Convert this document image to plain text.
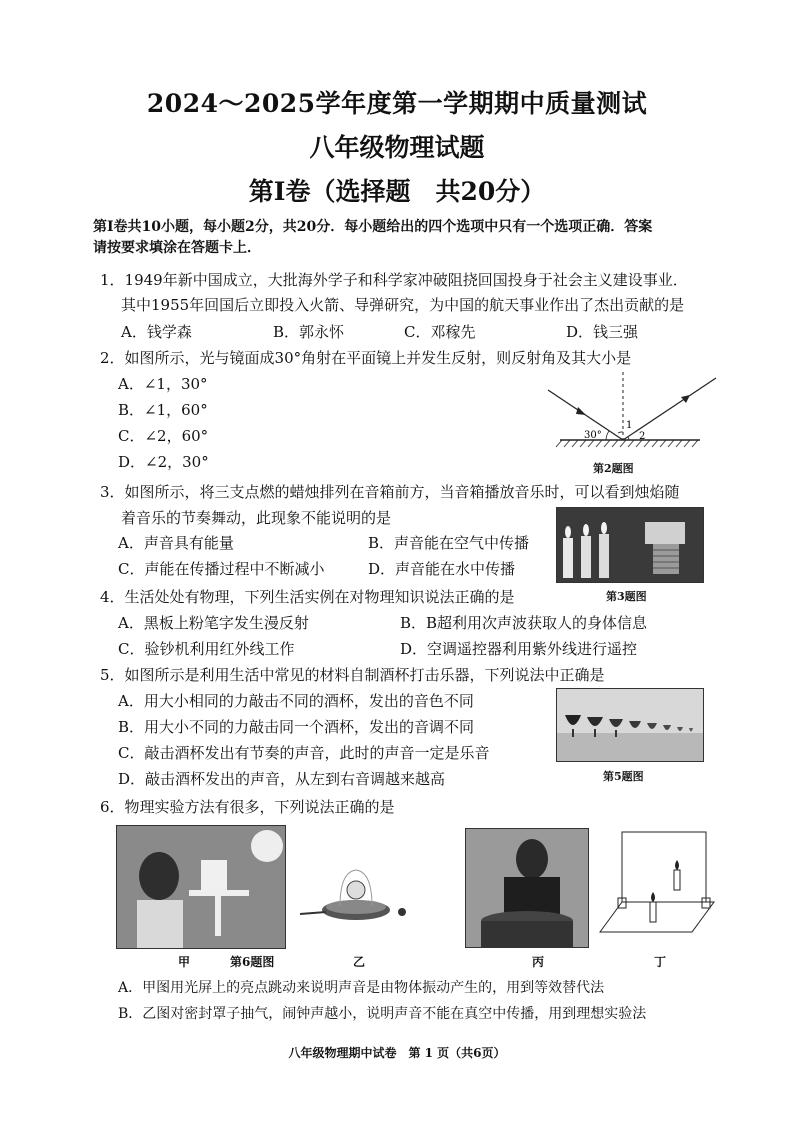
2024～2025学年度第一学期期中质量测试
八年级物理试题
第Ⅰ卷（选择题　共20分）
第Ⅰ卷共10小题，每小题2分，共20分．每小题给出的四个选项中只有一个选项正确．答案
请按要求填涂在答题卡上．
1．1949年新中国成立，大批海外学子和科学家冲破阻挠回国投身于社会主义建设事业．
其中1955年回国后立即投入火箭、导弹研究，为中国的航天事业作出了杰出贡献的是
A．钱学森	B．郭永怀	C．邓稼先	D．钱三强
2．如图所示，光与镜面成30°角射在平面镜上并发生反射，则反射角及其大小是
A．∠1，30°
B．∠1，60°
C．∠2，60°
D．∠2，30°
30°
1
2
第2题图
3．如图所示，将三支点燃的蜡烛排列在音箱前方，当音箱播放音乐时，可以看到烛焰随
着音乐的节奏舞动，此现象不能说明的是
A．声音具有能量	B．声音能在空气中传播
C．声能在传播过程中不断减小	D．声音能在水中传播
第3题图
4．生活处处有物理，下列生活实例在对物理知识说法正确的是
A．黑板上粉笔字发生漫反射	B．B超利用次声波获取人的身体信息
C．验钞机利用红外线工作	D．空调遥控器利用紫外线进行遥控
5．如图所示是利用生活中常见的材料自制酒杯打击乐器，下列说法中正确是
A．用大小相同的力敲击不同的酒杯，发出的音色不同
B．用大小不同的力敲击同一个酒杯，发出的音调不同
C．敲击酒杯发出有节奏的声音，此时的声音一定是乐音
D．敲击酒杯发出的声音，从左到右音调越来越高	第5题图
6．物理实验方法有很多，下列说法正确的是
甲	第6题图	乙	丙	丁
A．甲图用光屏上的亮点跳动来说明声音是由物体振动产生的，用到等效替代法
B．乙图对密封罩子抽气，闹钟声越小，说明声音不能在真空中传播，用到理想实验法
八年级物理期中试卷　第 1 页（共6页）
